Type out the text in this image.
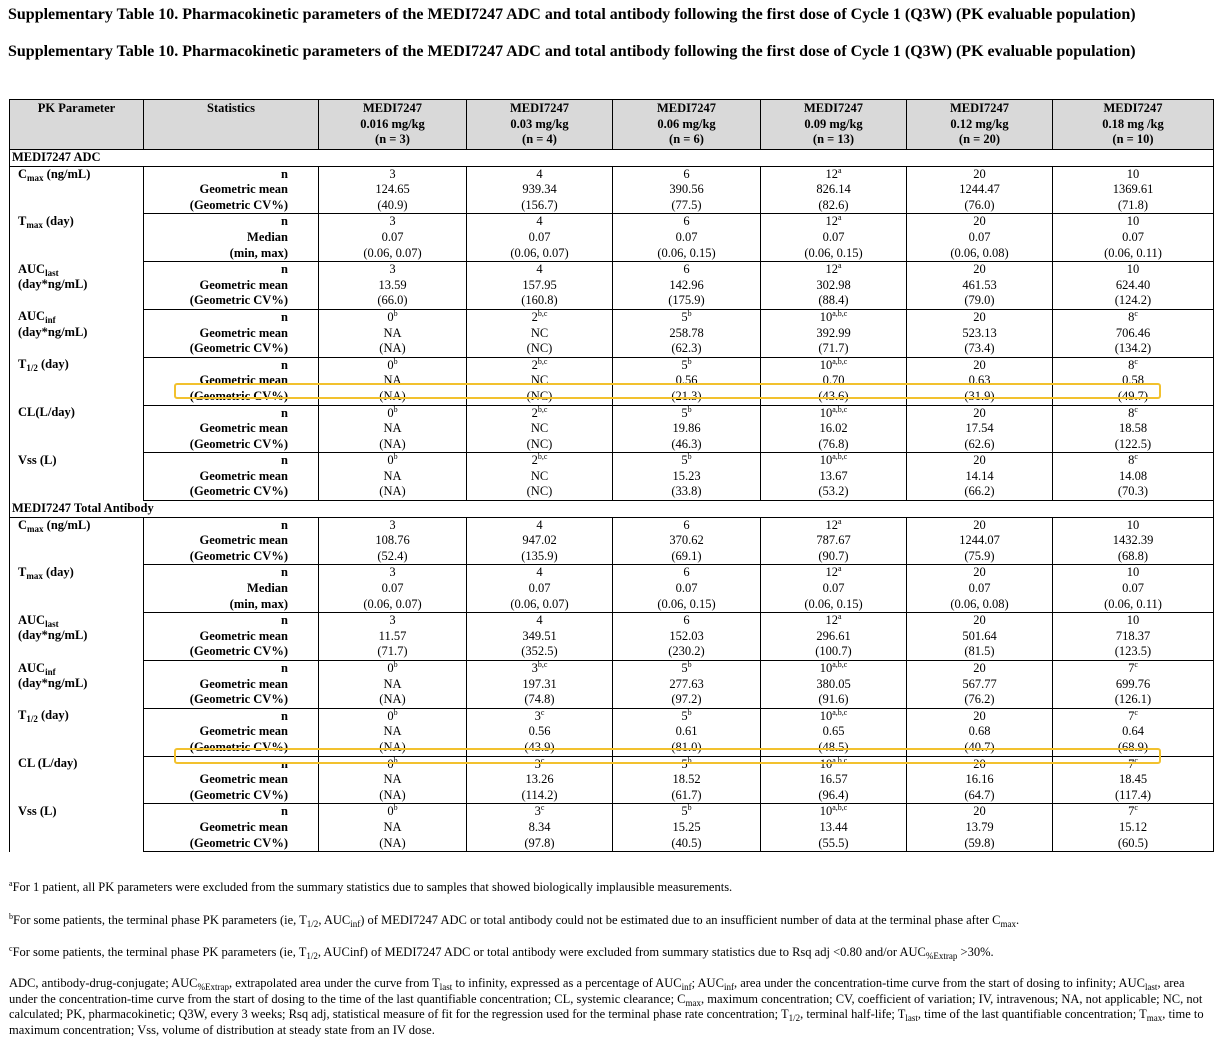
Supplementary Table 10. Pharmacokinetic parameters of the MEDI7247 ADC and total antibody following the first dose of Cycle 1 (Q3W) (PK evaluable population)
Supplementary Table 10. Pharmacokinetic parameters of the MEDI7247 ADC and total antibody following the first dose of Cycle 1 (Q3W) (PK evaluable population)
PK Parameter	Statistics	MEDI7247
0.016 mg/kg
(n = 3)	MEDI7247
0.03 mg/kg
(n = 4)	MEDI7247
0.06 mg/kg
(n = 6)	MEDI7247
0.09 mg/kg
(n = 13)	MEDI7247
0.12 mg/kg
(n = 20)	MEDI7247
0.18 mg /kg
(n = 10)
MEDI7247 ADC							
$C_{max}$ (ng/mL)	n	3	4	6	12$^a$	20	10
	Geometric mean	124.65	939.34	390.56	826.14	1244.47	1369.61
	(Geometric CV%)	(40.9)	(156.7)	(77.5)	(82.6)	(76.0)	(71.8)
$T_{max}$ (day)	n	3	4	6	12$^a$	20	10
	Median	0.07	0.07	0.07	0.07	0.07	0.07
	(min, max)	(0.06, 0.07)	(0.06, 0.07)	(0.06, 0.15)	(0.06, 0.15)	(0.06, 0.08)	(0.06, 0.11)
$AUC_{last}$
(day*ng/mL)	n	3	4	6	12$^a$	20	10
	Geometric mean	13.59	157.95	142.96	302.98	461.53	624.40
	(Geometric CV%)	(66.0)	(160.8)	(175.9)	(88.4)	(79.0)	(124.2)
$AUC_{inf}$
(day*ng/mL)	n	0$^b$	2$^{b,c}$	5$^b$	10$^{a,b,c}$	20	8$^c$
	Geometric mean	NA	NC	258.78	392.99	523.13	706.46
	(Geometric CV%)	(NA)	(NC)	(62.3)	(71.7)	(73.4)	(134.2)
$T_{1/2}$ (day)	n	0$^b$	2$^{b,c}$	5$^b$	10$^{a,b,c}$	20	8$^c$
	Geometric mean	NA	NC	0.56	0.70	0.63	0.58
	(Geometric CV%)	(NA)	(NC)	(21.3)	(43.6)	(31.9)	(49.7)
CL(L/day)	n	0$^b$	2$^{b,c}$	5$^b$	10$^{a,b,c}$	20	8$^c$
	Geometric mean	NA	NC	19.86	16.02	17.54	18.58
	(Geometric CV%)	(NA)	(NC)	(46.3)	(76.8)	(62.6)	(122.5)
Vss (L)	n	0$^b$	2$^{b,c}$	5$^b$	10$^{a,b,c}$	20	8$^c$
	Geometric mean	NA	NC	15.23	13.67	14.14	14.08
	(Geometric CV%)	(NA)	(NC)	(33.8)	(53.2)	(66.2)	(70.3)
MEDI7247 Total Antibody							
$C_{max}$ (ng/mL)	n	3	4	6	12$^a$	20	10
	Geometric mean	108.76	947.02	370.62	787.67	1244.07	1432.39
	(Geometric CV%)	(52.4)	(135.9)	(69.1)	(90.7)	(75.9)	(68.8)
$T_{max}$ (day)	n	3	4	6	12$^a$	20	10
	Median	0.07	0.07	0.07	0.07	0.07	0.07
	(min, max)	(0.06, 0.07)	(0.06, 0.07)	(0.06, 0.15)	(0.06, 0.15)	(0.06, 0.08)	(0.06, 0.11)
$AUC_{last}$
(day*ng/mL)	n	3	4	6	12$^a$	20	10
	Geometric mean	11.57	349.51	152.03	296.61	501.64	718.37
	(Geometric CV%)	(71.7)	(352.5)	(230.2)	(100.7)	(81.5)	(123.5)
$AUC_{inf}$
(day*ng/mL)	n	0$^b$	3$^{b,c}$	5$^b$	10$^{a,b,c}$	20	7$^c$
	Geometric mean	NA	197.31	277.63	380.05	567.77	699.76
	(Geometric CV%)	(NA)	(74.8)	(97.2)	(91.6)	(76.2)	(126.1)
$T_{1/2}$ (day)	n	0$^b$	3$^c$	5$^b$	10$^{a,b,c}$	20	7$^c$
	Geometric mean	NA	0.56	0.61	0.65	0.68	0.64
	(Geometric CV%)	(NA)	(43.9)	(81.0)	(48.5)	(40.7)	(68.9)
CL (L/day)	n	0$^b$	3$^c$	5$^b$	10$^{a,b,c}$	20	7$^c$
	Geometric mean	NA	13.26	18.52	16.57	16.16	18.45
	(Geometric CV%)	(NA)	(114.2)	(61.7)	(96.4)	(64.7)	(117.4)
Vss (L)	n	0$^b$	3$^c$	5$^b$	10$^{a,b,c}$	20	7$^c$
	Geometric mean	NA	8.34	15.25	13.44	13.79	15.12
	(Geometric CV%)	(NA)	(97.8)	(40.5)	(55.5)	(59.8)	(60.5)
$^a$For 1 patient, all PK parameters were excluded from the summary statistics due to samples that showed biologically implausible measurements.
$^b$For some patients, the terminal phase PK parameters (ie, $T_{1/2}$, $AUC_{inf}$) of MEDI7247 ADC or total antibody could not be estimated due to an insufficient number of data at the terminal phase after $C_{max}$.
$^c$For some patients, the terminal phase PK parameters (ie, $T_{1/2}$, AUCinf) of MEDI7247 ADC or total antibody were excluded from summary statistics due to Rsq adj <0.80 and/or $AUC_{\%Extrap} >30\%$.
ADC, antibody-drug-conjugate; $AUC_{\%Extrap}$, extrapolated area under the curve from $T_{last}$ to infinity, expressed as a percentage of $AUC_{inf}$; $AUC_{inf}$, area under the concentration-time curve from the start of dosing to infinity; $AUC_{last}$, area under the concentration-time curve from the start of dosing to the time of the last quantifiable concentration; CL, systemic clearance; $C_{max}$, maximum concentration; CV, coefficient of variation; IV, intravenous; NA, not applicable; NC, not calculated; PK, pharmacokinetic; Q3W, every 3 weeks; Rsq adj, statistical measure of fit for the regression used for the terminal phase rate concentration; $T_{1/2}$, terminal half-life; $T_{last}$, time of the last quantifiable concentration; $T_{max}$, time to maximum concentration; Vss, volume of distribution at steady state from an IV dose.
